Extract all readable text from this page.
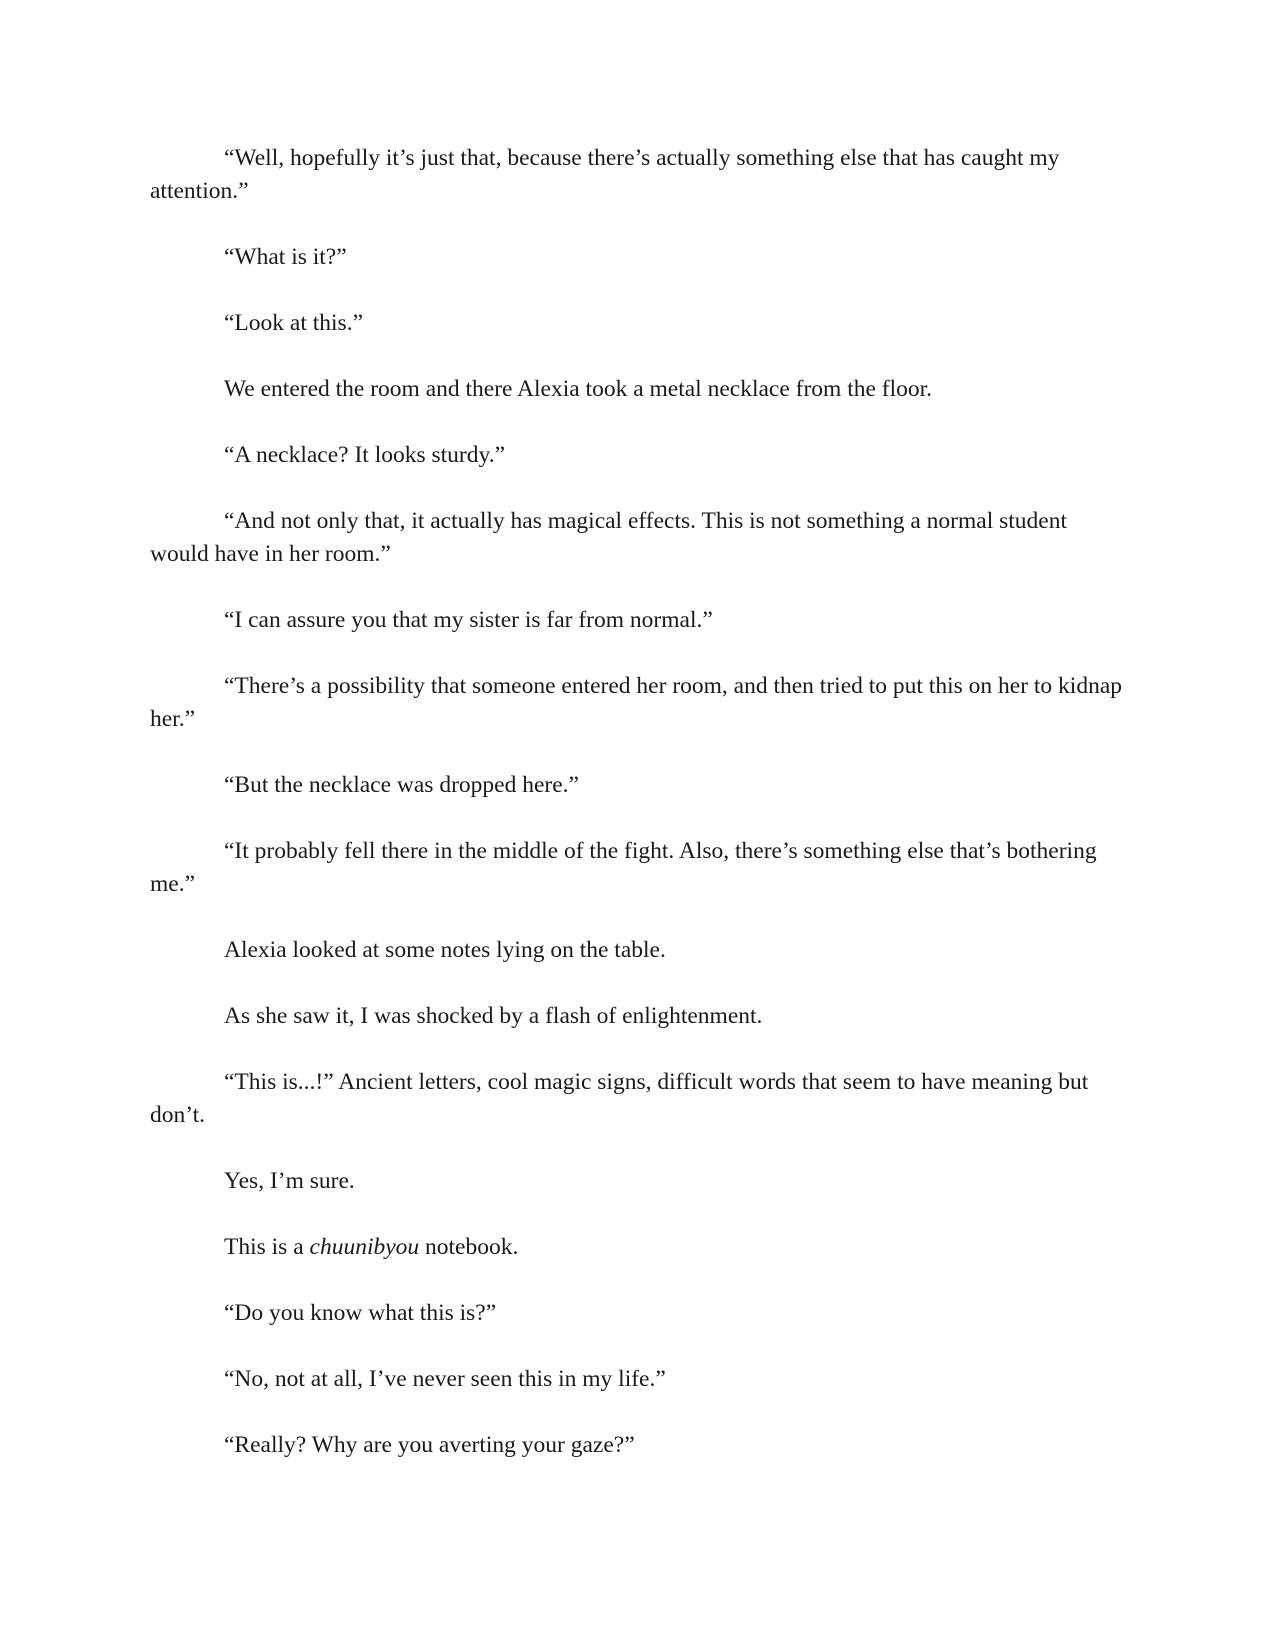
“Well, hopefully it’s just that, because there’s actually something else that has caught my attention.”

“What is it?”

“Look at this.”

We entered the room and there Alexia took a metal necklace from the floor.

“A necklace? It looks sturdy.”

“And not only that, it actually has magical effects. This is not something a normal student would have in her room.”

“I can assure you that my sister is far from normal.”

“There’s a possibility that someone entered her room, and then tried to put this on her to kidnap her.”

“But the necklace was dropped here.”

“It probably fell there in the middle of the fight. Also, there’s something else that’s bothering me.”

Alexia looked at some notes lying on the table.

As she saw it, I was shocked by a flash of enlightenment.

“This is...!” Ancient letters, cool magic signs, difficult words that seem to have meaning but don’t.

Yes, I’m sure.

This is a chuunibyou notebook.

“Do you know what this is?”

“No, not at all, I’ve never seen this in my life.”

“Really? Why are you averting your gaze?”
